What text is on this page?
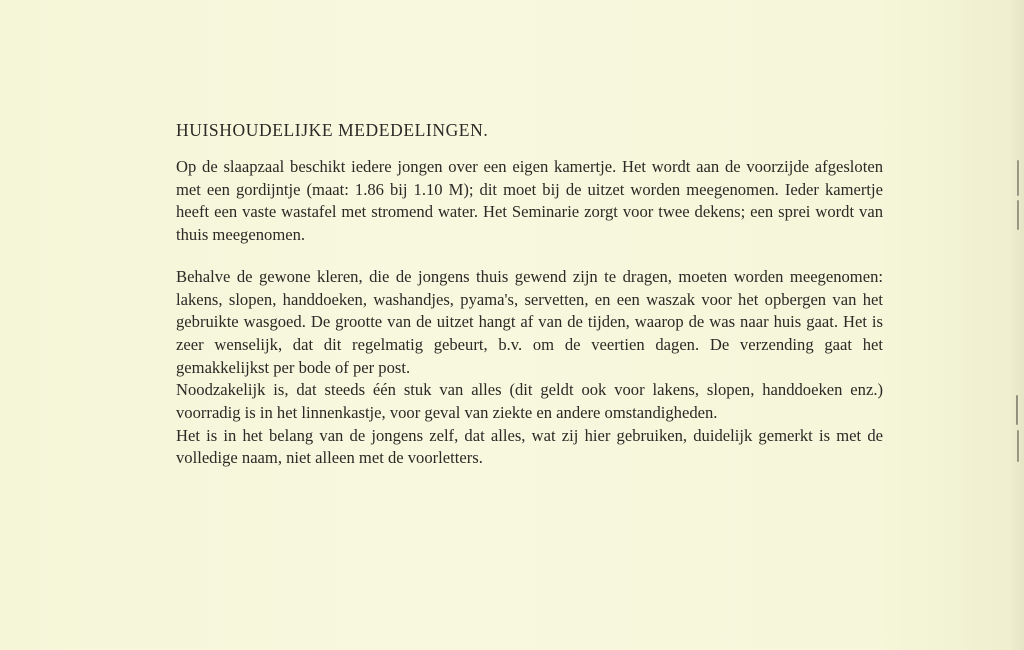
HUISHOUDELIJKE MEDEDELINGEN.

Op de slaapzaal beschikt iedere jongen over een eigen kamertje. Het wordt aan de voorzijde afgesloten met een gordijntje (maat: 1.86 bij 1.10 M); dit moet bij de uitzet worden meegenomen. Ieder kamertje heeft een vaste wastafel met stromend water. Het Seminarie zorgt voor twee dekens; een sprei wordt van thuis meegenomen.

Behalve de gewone kleren, die de jongens thuis gewend zijn te dragen, moeten worden meegenomen: lakens, slopen, handdoeken, washandjes, pyama's, servetten, en een waszak voor het opbergen van het gebruikte wasgoed. De grootte van de uitzet hangt af van de tijden, waarop de was naar huis gaat. Het is zeer wenselijk, dat dit regelmatig gebeurt, b.v. om de veertien dagen. De verzending gaat het gemakkelijkst per bode of per post.

Noodzakelijk is, dat steeds één stuk van alles (dit geldt ook voor lakens, slopen, handdoeken enz.) voorradig is in het linnenkastje, voor geval van ziekte en andere omstandigheden.

Het is in het belang van de jongens zelf, dat alles, wat zij hier gebruiken, duidelijk gemerkt is met de volledige naam, niet alleen met de voorletters.
